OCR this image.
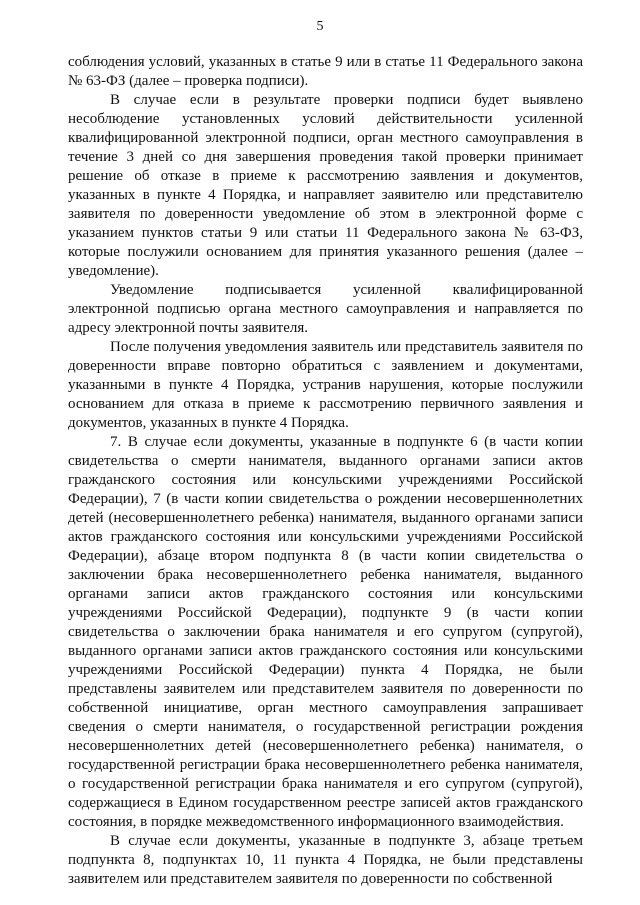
5

соблюдения условий, указанных в статье 9 или в статье 11 Федерального закона № 63-ФЗ (далее – проверка подписи).

В случае если в результате проверки подписи будет выявлено несоблюдение установленных условий действительности усиленной квалифицированной электронной подписи, орган местного самоуправления в течение 3 дней со дня завершения проведения такой проверки принимает решение об отказе в приеме к рассмотрению заявления и документов, указанных в пункте 4 Порядка, и направляет заявителю или представителю заявителя по доверенности уведомление об этом в электронной форме с указанием пунктов статьи 9 или статьи 11 Федерального закона № 63-ФЗ, которые послужили основанием для принятия указанного решения (далее – уведомление).

Уведомление подписывается усиленной квалифицированной электронной подписью органа местного самоуправления и направляется по адресу электронной почты заявителя.

После получения уведомления заявитель или представитель заявителя по доверенности вправе повторно обратиться с заявлением и документами, указанными в пункте 4 Порядка, устранив нарушения, которые послужили основанием для отказа в приеме к рассмотрению первичного заявления и документов, указанных в пункте 4 Порядка.

7. В случае если документы, указанные в подпункте 6 (в части копии свидетельства о смерти нанимателя, выданного органами записи актов гражданского состояния или консульскими учреждениями Российской Федерации), 7 (в части копии свидетельства о рождении несовершеннолетних детей (несовершеннолетнего ребенка) нанимателя, выданного органами записи актов гражданского состояния или консульскими учреждениями Российской Федерации), абзаце втором подпункта 8 (в части копии свидетельства о заключении брака несовершеннолетнего ребенка нанимателя, выданного органами записи актов гражданского состояния или консульскими учреждениями Российской Федерации), подпункте 9 (в части копии свидетельства о заключении брака нанимателя и его супругом (супругой), выданного органами записи актов гражданского состояния или консульскими учреждениями Российской Федерации) пункта 4 Порядка, не были представлены заявителем или представителем заявителя по доверенности по собственной инициативе, орган местного самоуправления запрашивает сведения о смерти нанимателя, о государственной регистрации рождения несовершеннолетних детей (несовершеннолетнего ребенка) нанимателя, о государственной регистрации брака несовершеннолетнего ребенка нанимателя, о государственной регистрации брака нанимателя и его супругом (супругой), содержащиеся в Едином государственном реестре записей актов гражданского состояния, в порядке межведомственного информационного взаимодействия.

В случае если документы, указанные в подпункте 3, абзаце третьем подпункта 8, подпунктах 10, 11 пункта 4 Порядка, не были представлены заявителем или представителем заявителя по доверенности по собственной
